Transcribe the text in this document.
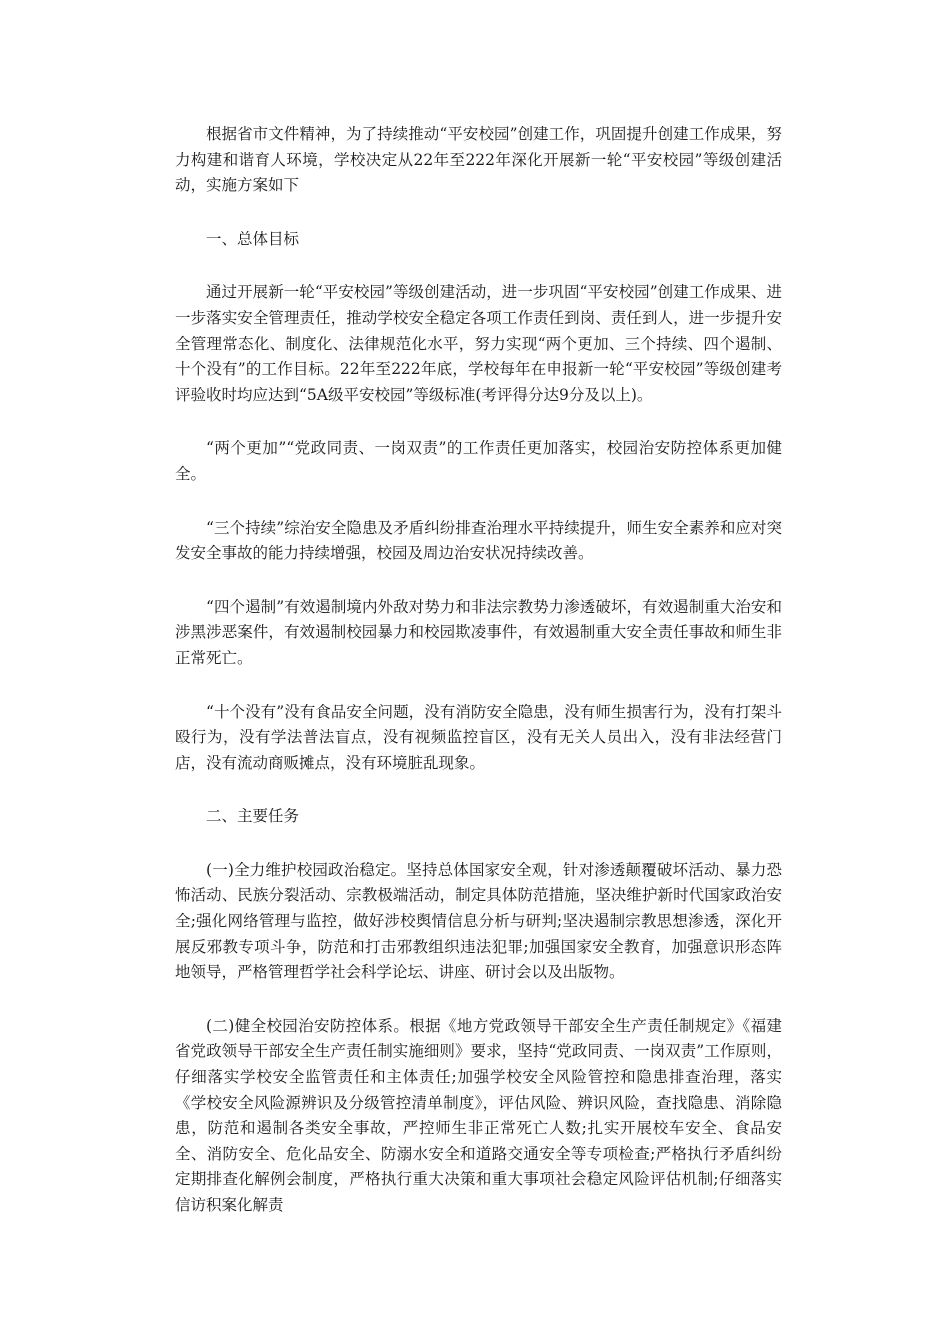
根据省市文件精神，为了持续推动“平安校园”创建工作，巩固提升创建工作成果，努力构建和谐育人环境，学校决定从22年至222年深化开展新一轮“平安校园”等级创建活动，实施方案如下

一、总体目标

通过开展新一轮“平安校园”等级创建活动，进一步巩固“平安校园”创建工作成果、进一步落实安全管理责任，推动学校安全稳定各项工作责任到岗、责任到人，进一步提升安全管理常态化、制度化、法律规范化水平，努力实现“两个更加、三个持续、四个遏制、十个没有”的工作目标。22年至222年底，学校每年在申报新一轮“平安校园”等级创建考评验收时均应达到“5A级平安校园”等级标准(考评得分达9分及以上)。

“两个更加”“党政同责、一岗双责”的工作责任更加落实，校园治安防控体系更加健全。

“三个持续”综治安全隐患及矛盾纠纷排查治理水平持续提升，师生安全素养和应对突发安全事故的能力持续增强，校园及周边治安状况持续改善。

“四个遏制”有效遏制境内外敌对势力和非法宗教势力渗透破坏，有效遏制重大治安和涉黑涉恶案件，有效遏制校园暴力和校园欺凌事件，有效遏制重大安全责任事故和师生非正常死亡。

“十个没有”没有食品安全问题，没有消防安全隐患，没有师生损害行为，没有打架斗殴行为，没有学法普法盲点，没有视频监控盲区，没有无关人员出入，没有非法经营门店，没有流动商贩摊点，没有环境脏乱现象。

二、主要任务

(一)全力维护校园政治稳定。坚持总体国家安全观，针对渗透颠覆破坏活动、暴力恐怖活动、民族分裂活动、宗教极端活动，制定具体防范措施，坚决维护新时代国家政治安全;强化网络管理与监控，做好涉校舆情信息分析与研判;坚决遏制宗教思想渗透，深化开展反邪教专项斗争，防范和打击邪教组织违法犯罪;加强国家安全教育，加强意识形态阵地领导，严格管理哲学社会科学论坛、讲座、研讨会以及出版物。

(二)健全校园治安防控体系。根据《地方党政领导干部安全生产责任制规定》《福建省党政领导干部安全生产责任制实施细则》要求，坚持“党政同责、一岗双责”工作原则，仔细落实学校安全监管责任和主体责任;加强学校安全风险管控和隐患排查治理，落实《学校安全风险源辨识及分级管控清单制度》，评估风险、辨识风险，查找隐患、消除隐患，防范和遏制各类安全事故，严控师生非正常死亡人数;扎实开展校车安全、食品安全、消防安全、危化品安全、防溺水安全和道路交通安全等专项检查;严格执行矛盾纠纷定期排查化解例会制度，严格执行重大决策和重大事项社会稳定风险评估机制;仔细落实信访积案化解责
